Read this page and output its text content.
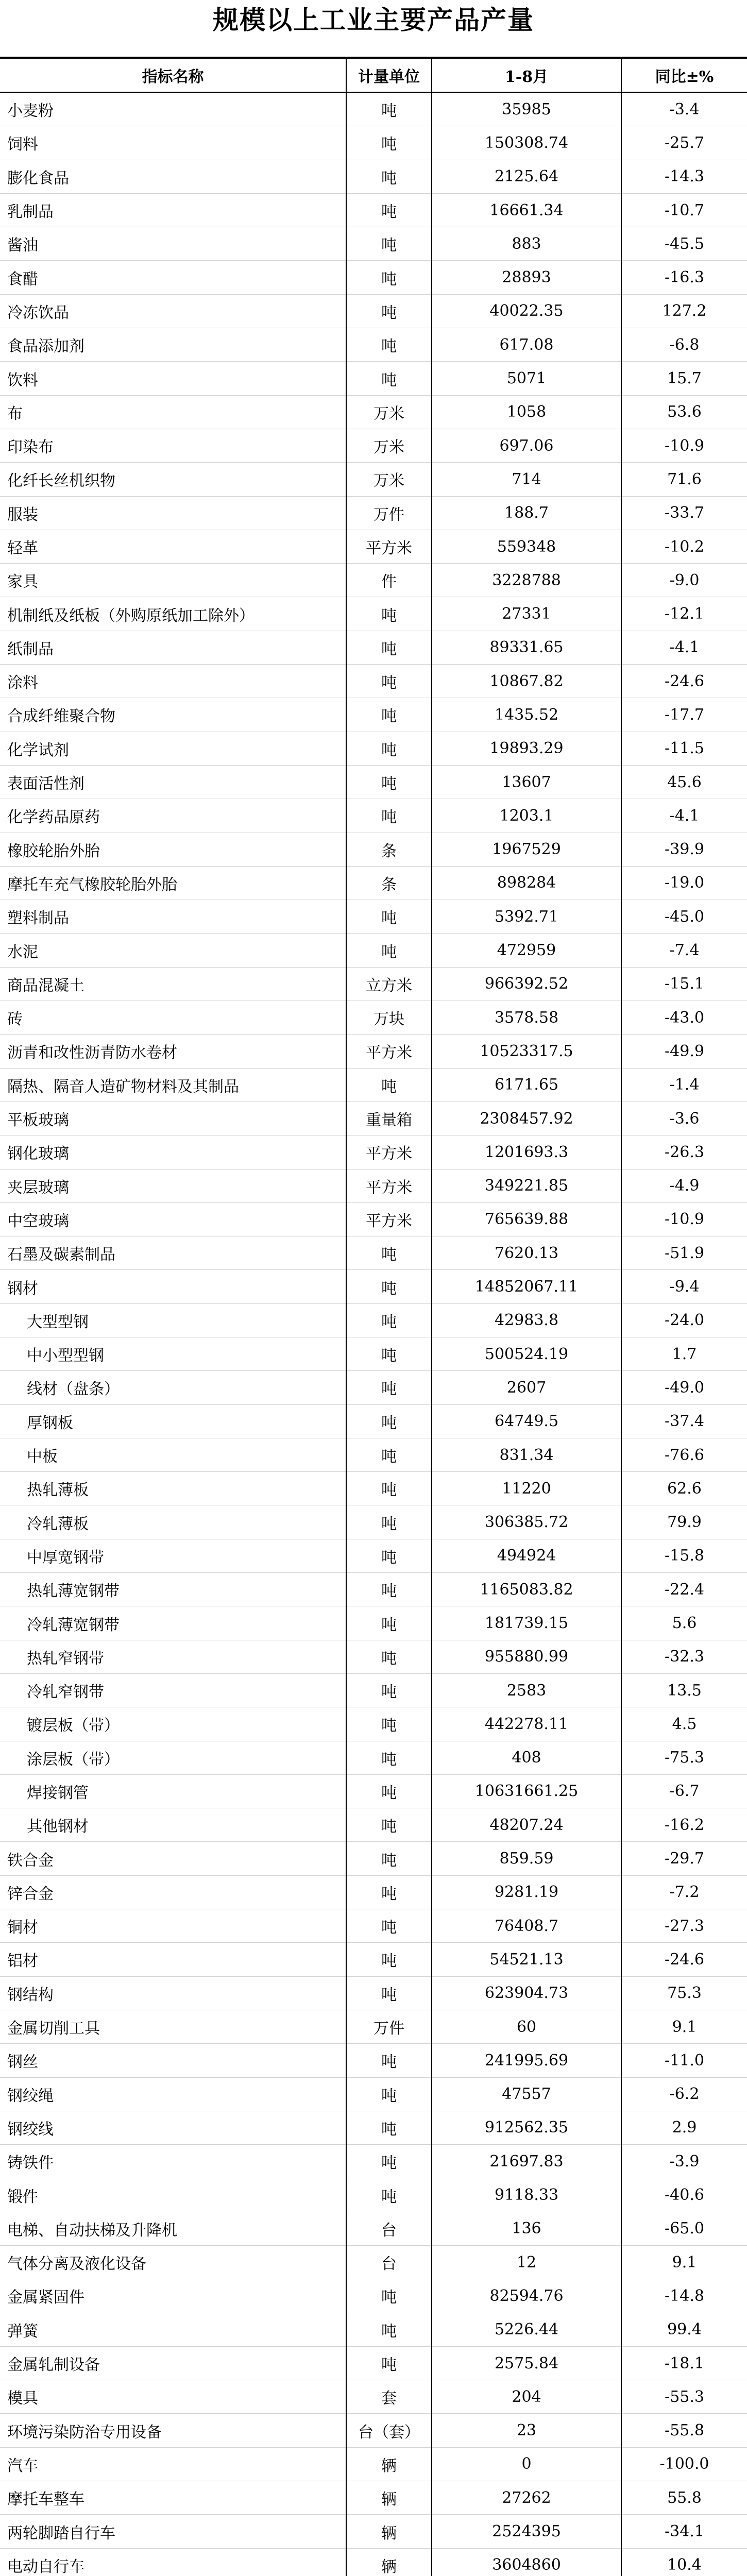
规模以上工业主要产品产量
指标名称	计量单位	1-8月	同比±%
小麦粉	吨	35985	-3.4
饲料	吨	150308.74	-25.7
膨化食品	吨	2125.64	-14.3
乳制品	吨	16661.34	-10.7
酱油	吨	883	-45.5
食醋	吨	28893	-16.3
冷冻饮品	吨	40022.35	127.2
食品添加剂	吨	617.08	-6.8
饮料	吨	5071	15.7
布	万米	1058	53.6
印染布	万米	697.06	-10.9
化纤长丝机织物	万米	714	71.6
服装	万件	188.7	-33.7
轻革	平方米	559348	-10.2
家具	件	3228788	-9.0
机制纸及纸板（外购原纸加工除外）	吨	27331	-12.1
纸制品	吨	89331.65	-4.1
涂料	吨	10867.82	-24.6
合成纤维聚合物	吨	1435.52	-17.7
化学试剂	吨	19893.29	-11.5
表面活性剂	吨	13607	45.6
化学药品原药	吨	1203.1	-4.1
橡胶轮胎外胎	条	1967529	-39.9
摩托车充气橡胶轮胎外胎	条	898284	-19.0
塑料制品	吨	5392.71	-45.0
水泥	吨	472959	-7.4
商品混凝土	立方米	966392.52	-15.1
砖	万块	3578.58	-43.0
沥青和改性沥青防水卷材	平方米	10523317.5	-49.9
隔热、隔音人造矿物材料及其制品	吨	6171.65	-1.4
平板玻璃	重量箱	2308457.92	-3.6
钢化玻璃	平方米	1201693.3	-26.3
夹层玻璃	平方米	349221.85	-4.9
中空玻璃	平方米	765639.88	-10.9
石墨及碳素制品	吨	7620.13	-51.9
钢材	吨	14852067.11	-9.4
大型型钢	吨	42983.8	-24.0
中小型型钢	吨	500524.19	1.7
线材（盘条）	吨	2607	-49.0
厚钢板	吨	64749.5	-37.4
中板	吨	831.34	-76.6
热轧薄板	吨	11220	62.6
冷轧薄板	吨	306385.72	79.9
中厚宽钢带	吨	494924	-15.8
热轧薄宽钢带	吨	1165083.82	-22.4
冷轧薄宽钢带	吨	181739.15	5.6
热轧窄钢带	吨	955880.99	-32.3
冷轧窄钢带	吨	2583	13.5
镀层板（带）	吨	442278.11	4.5
涂层板（带）	吨	408	-75.3
焊接钢管	吨	10631661.25	-6.7
其他钢材	吨	48207.24	-16.2
铁合金	吨	859.59	-29.7
锌合金	吨	9281.19	-7.2
铜材	吨	76408.7	-27.3
铝材	吨	54521.13	-24.6
钢结构	吨	623904.73	75.3
金属切削工具	万件	60	9.1
钢丝	吨	241995.69	-11.0
钢绞绳	吨	47557	-6.2
钢绞线	吨	912562.35	2.9
铸铁件	吨	21697.83	-3.9
锻件	吨	9118.33	-40.6
电梯、自动扶梯及升降机	台	136	-65.0
气体分离及液化设备	台	12	9.1
金属紧固件	吨	82594.76	-14.8
弹簧	吨	5226.44	99.4
金属轧制设备	吨	2575.84	-18.1
模具	套	204	-55.3
环境污染防治专用设备	台（套）	23	-55.8
汽车	辆	0	-100.0
摩托车整车	辆	27262	55.8
两轮脚踏自行车	辆	2524395	-34.1
电动自行车	辆	3604860	10.4
